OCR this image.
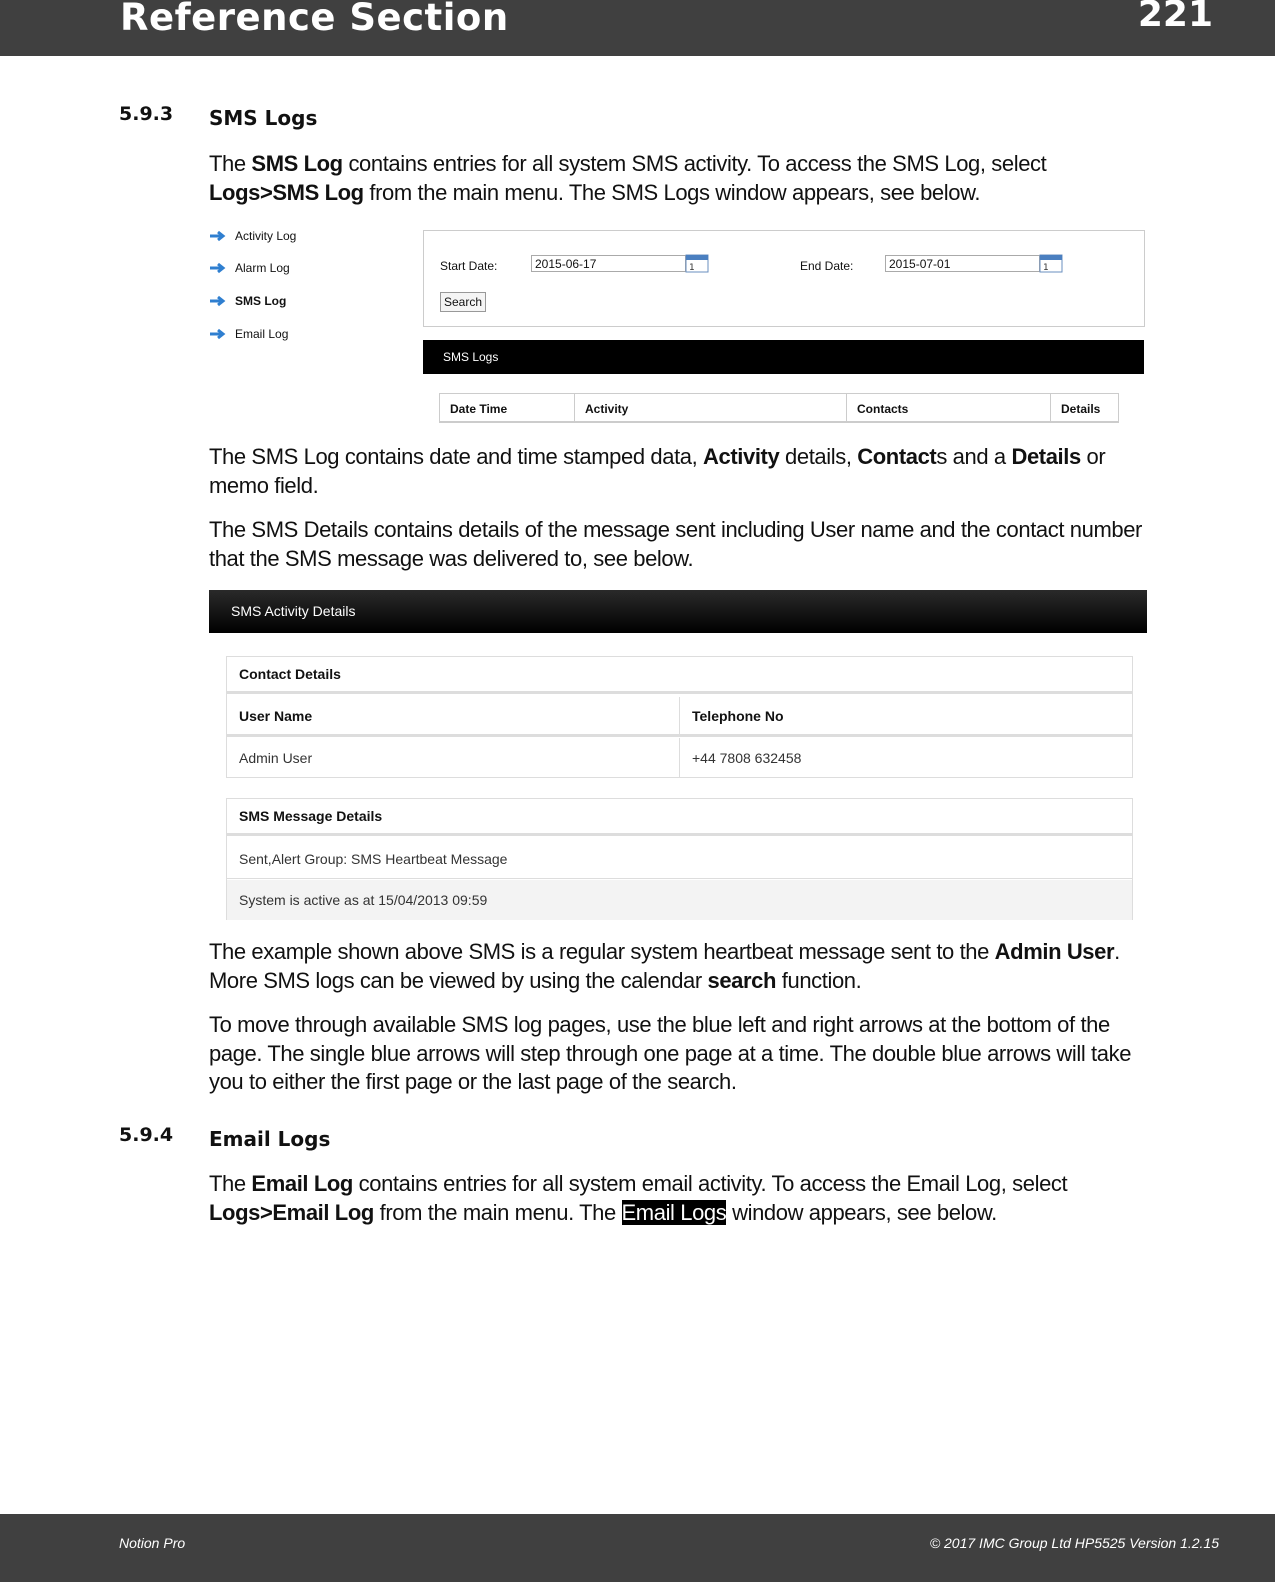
Reference Section	221
5.9.3 SMS Logs
The SMS Log contains entries for all system SMS activity. To access the SMS Log, select Logs>SMS Log from the main menu. The SMS Logs window appears, see below.
Activity Log
Alarm Log
SMS Log
Email Log
Start Date:	2015-06-17	1	End Date:	2015-07-01	1
Search
SMS Logs
Date Time	Activity	Contacts	Details
The SMS Log contains date and time stamped data, Activity details, Contacts and a Details or memo field.
The SMS Details contains details of the message sent including User name and the contact number that the SMS message was delivered to, see below.
SMS Activity Details
Contact Details
User Name	Telephone No
Admin User	+44 7808 632458
SMS Message Details
Sent,Alert Group: SMS Heartbeat Message
System is active as at 15/04/2013 09:59
The example shown above SMS is a regular system heartbeat message sent to the Admin User. More SMS logs can be viewed by using the calendar search function.
To move through available SMS log pages, use the blue left and right arrows at the bottom of the page. The single blue arrows will step through one page at a time. The double blue arrows will take you to either the first page or the last page of the search.
5.9.4 Email Logs
The Email Log contains entries for all system email activity. To access the Email Log, select Logs>Email Log from the main menu. The Email Logs window appears, see below.
Notion Pro	© 2017 IMC Group Ltd HP5525 Version 1.2.15
